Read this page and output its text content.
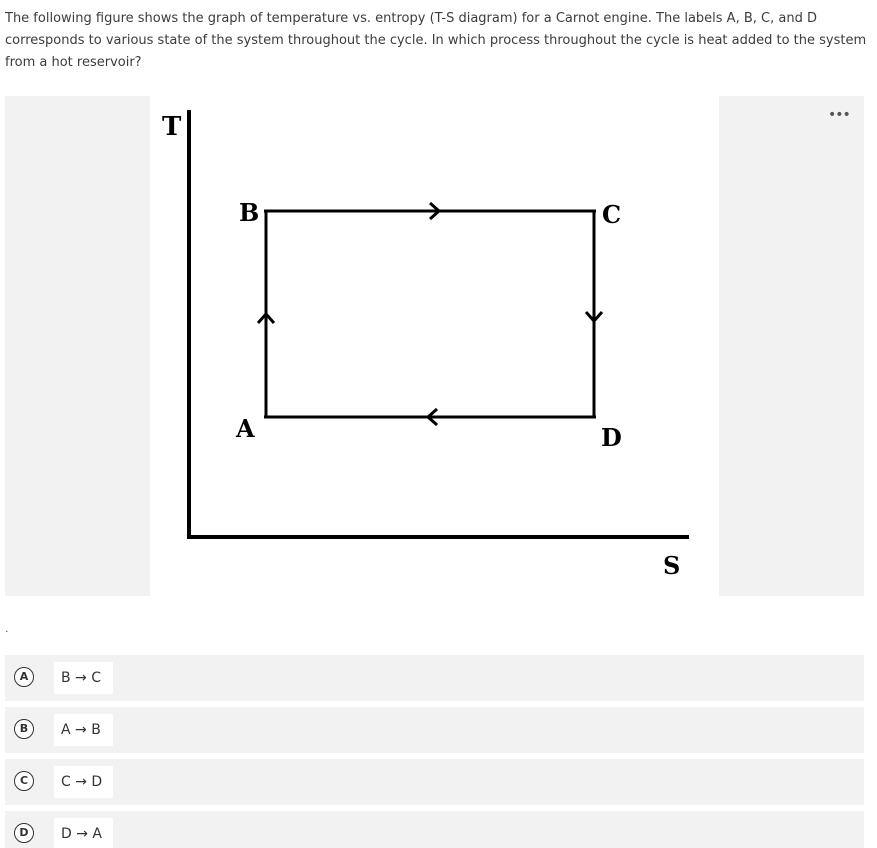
The following figure shows the graph of temperature vs. entropy (T-S diagram) for a Carnot engine. The labels A, B, C, and D corresponds to various state of the system throughout the cycle. In which process throughout the cycle is heat added to the system from a hot reservoir?

T
S
B	C
A	D
•••
.
A	B → C
B	A → B
C	C → D
D	D → A
